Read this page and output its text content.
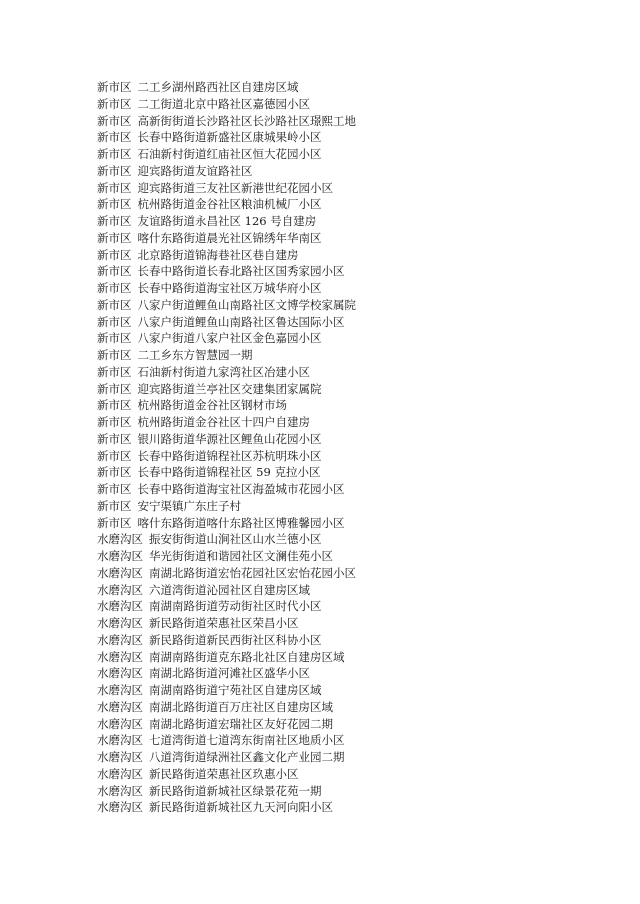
新市区 二工乡湖州路西社区自建房区域
新市区 二工街道北京中路社区嘉德园小区
新市区 高新街街道长沙路社区长沙路社区璟熙工地
新市区 长春中路街道新盛社区康城果岭小区
新市区 石油新村街道红庙社区恒大花园小区
新市区 迎宾路街道友谊路社区
新市区 迎宾路街道三友社区新港世纪花园小区
新市区 杭州路街道金谷社区粮油机械厂小区
新市区 友谊路街道永昌社区 126 号自建房
新市区 喀什东路街道晨光社区锦绣年华南区
新市区 北京路街道锦海巷社区巷自建房
新市区 长春中路街道长春北路社区国秀家园小区
新市区 长春中路街道海宝社区万城华府小区
新市区 八家户街道鲤鱼山南路社区文博学校家属院
新市区 八家户街道鲤鱼山南路社区鲁达国际小区
新市区 八家户街道八家户社区金色嘉园小区
新市区 二工乡东方智慧园一期
新市区 石油新村街道九家湾社区冶建小区
新市区 迎宾路街道兰亭社区交建集团家属院
新市区 杭州路街道金谷社区钢材市场
新市区 杭州路街道金谷社区十四户自建房
新市区 银川路街道华源社区鲤鱼山花园小区
新市区 长春中路街道锦程社区苏杭明珠小区
新市区 长春中路街道锦程社区 59 克拉小区
新市区 长春中路街道海宝社区海盈城市花园小区
新市区 安宁渠镇广东庄子村
新市区 喀什东路街道喀什东路社区博雅馨园小区
水磨沟区 振安街街道山涧社区山水兰德小区
水磨沟区 华光街街道和谐园社区文澜佳苑小区
水磨沟区 南湖北路街道宏怡花园社区宏怡花园小区
水磨沟区 六道湾街道沁园社区自建房区域
水磨沟区 南湖南路街道劳动街社区时代小区
水磨沟区 新民路街道荣惠社区荣昌小区
水磨沟区 新民路街道新民西街社区科协小区
水磨沟区 南湖南路街道克东路北社区自建房区域
水磨沟区 南湖北路街道河滩社区盛华小区
水磨沟区 南湖南路街道宁苑社区自建房区域
水磨沟区 南湖北路街道百万庄社区自建房区域
水磨沟区 南湖北路街道宏瑞社区友好花园二期
水磨沟区 七道湾街道七道湾东街南社区地质小区
水磨沟区 八道湾街道绿洲社区鑫文化产业园二期
水磨沟区 新民路街道荣惠社区玖惠小区
水磨沟区 新民路街道新城社区绿景花苑一期
水磨沟区 新民路街道新城社区九天河向阳小区
